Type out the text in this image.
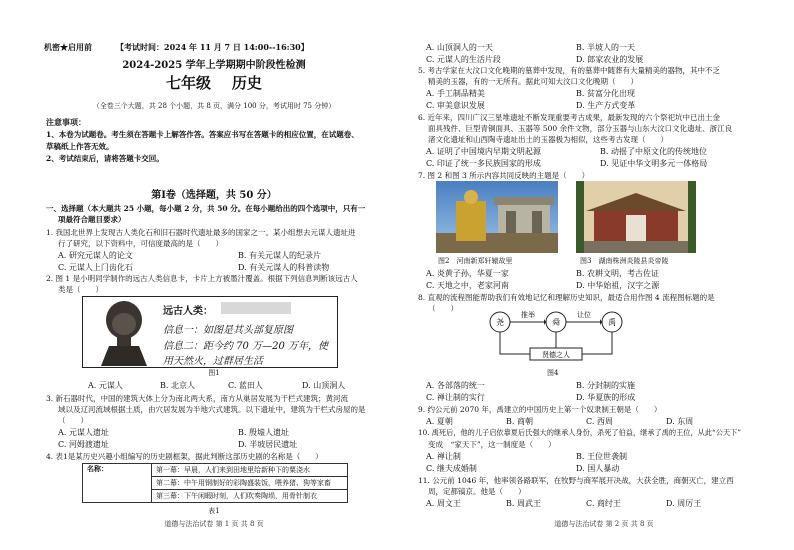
机密★启用前	【考试时间：2024 年 11 月 7 日 14:00--16:30】
2024-2025 学年上学期期中阶段性检测
七年级    历史
（全卷三个大题，共 28 个小题，共 8 页，满分 100 分，考试用时 75 分钟）
注意事项：
1、本卷为试题卷。考生须在答题卡上解答作答。答案应书写在答题卡的相应位置，在试题卷、
草稿纸上作答无效。
2、考试结束后，请将答题卡交回。
第Ⅰ卷（选择题，共 50 分）
一、选择题（本大题共 25 小题，每小题 2 分，共 50 分。在每小题给出的四个选项中，只有一
项最符合题目要求）
1. 我国北世界上发现古人类化石和旧石器时代遗址最多的国家之一。某小组想去元谋人遗址进
行了研究，以下资料中，可信度最高的是（　　）
A. 研究元谋人的论文	B. 有关元谋人的纪录片
C. 元谋人上门齿化石	D. 有关元谋人的科普读物
2. 图 1 是小明同学制作的远古人类信息卡，卡片上方被墨汁覆盖。根据下列信息判断该远古人
类是（　　）
远古人类：
信息一：如图是其头部复原图
信息二：距今约 70 万—20 万年，使
用天然火，过群居生活
图1
A. 元谋人	B. 北京人	C. 蓝田人	D. 山顶洞人
3. 新石器时代，中国的建筑大体上分为南北两大系，南方从巢居发展为干栏式建筑；黄河流
域以及辽河流域根据土质，由穴居发展为半地穴式建筑。以下遗址中，建筑为干栏式房屋的是
（　　）
A. 元谋人遗址	B. 殷墟人遗址
C. 河姆渡遗址	D. 半坡居民遗址
4. 表1是某历史兴趣小组编写的历史剧框架，据此判断这部历史剧的名称是（　　）
名称：	第一幕：早晨，人们来到田地里给新种下的粟浇水
第二幕：中午用钢制好的彩陶盛装饭，喂养猪、狗等家畜
第三幕：下午闲暇时刻，人们吹奏陶埙，用骨针制衣
表1
道德与法治试卷 第 1 页 共 8 页
A. 山顶洞人的一天	B. 半坡人的一天
C. 元谋人的生活片段	D. 郎家农业的发展
5. 考古学家在大汶口文化晚期的墓葬中发现，有的墓葬中随葬有大量精美的器物，其中不乏
精美的玉器，有的一无所有。据此可知大汶口文化晚期（　　）
A. 手工制品精美	B. 贫富分化出现
C. 审美意识发展	D. 生产方式变革
6. 近年来，四川广汉三星堆遗址不断发现重要考古成果，最新发现的六个祭祀坑中已出土金
面具残件、巨型青铜面具、玉器等 500 余件文物，部分玉器与山东大汶口文化遗址、浙江良
渚文化遗址和山西陶寺遗址出土的玉器极为相似，这些考古发现（　　）
A. 证明了中国境内早期文明起源	B. 动摇了中原文化的传统地位
C. 印证了统一多民族国家的形成	D. 见证中华文明多元一体格局
7. 图 2 和图 3 所示内容共同反映的主题是（　　）
图2　河南新郑轩辕故里	图3　湖南株洲炎陵县炎帝陵
A. 炎黄子孙，华夏一家	B. 农耕文明，考古佐证
C. 天地之中，老家河南	D. 中华始祖，汉字之源
8. 直观的流程图能帮助我们有效地记忆和理解历史知识，最适合用作图 4 流程图标题的是
（　　）
尧	舜	禹
推举	让位
贤德之人
图4
A. 各部落的统一	B. 分封制的实施
C. 禅让制的实行	D. 华夏族的形成
9. 约公元前 2070 年，禹建立的中国历史上第一个奴隶制王朝是（　　）
A. 夏朝	B. 商朝	C. 西周	D. 东周
10. 禹死后，他的儿子启依靠夏后氏强大的继承人身份，杀死了伯益，继承了禹的王位，从此“公天下”
变成　“家天下”，这一制度是（　　）
A. 禅让制	B. 王位世袭制
C. 继夫成婚制	D. 国人暴动
11. 公元前 1046 年，他率领各路联军，在牧野与商军展开决战，大获全胜，商朝灭亡，建立西
周，定都镐京。他是（　　）
A. 周文王	B. 周武王	C. 商纣王	D. 周厉王
道德与法治试卷 第 2 页 共 8 页
